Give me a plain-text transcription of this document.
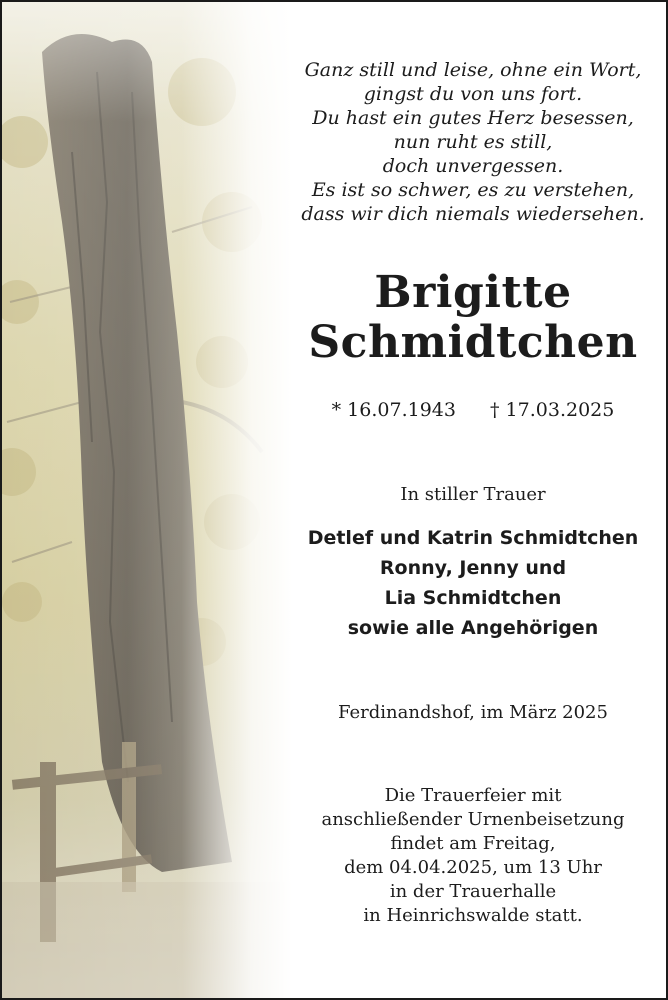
Ganz still und leise, ohne ein Wort,
gingst du von uns fort.
Du hast ein gutes Herz besessen,
nun ruht es still,
doch unvergessen.
Es ist so schwer, es zu verstehen,
dass wir dich niemals wiedersehen.
Brigitte
Schmidtchen
* 16.07.1943 † 17.03.2025
In stiller Trauer
Detlef und Katrin Schmidtchen
Ronny, Jenny und
Lia Schmidtchen
sowie alle Angehörigen
Ferdinandshof, im März 2025
Die Trauerfeier mit
anschließender Urnenbeisetzung
findet am Freitag,
dem 04.04.2025, um 13 Uhr
in der Trauerhalle
in Heinrichswalde statt.
